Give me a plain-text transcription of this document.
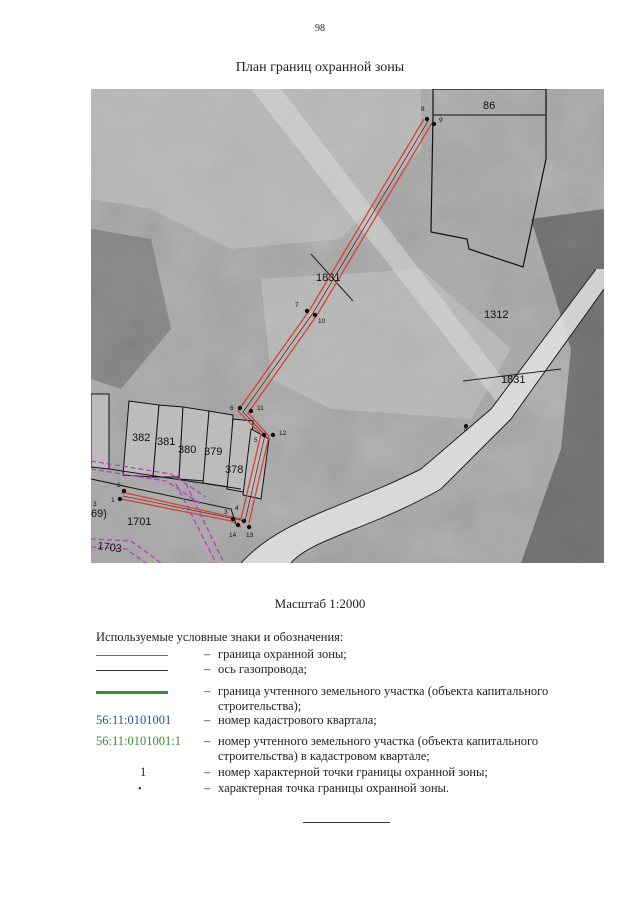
98
План границ охранной зоны
86
1831
1312
1831
382 381
380 379
378
1701
69)
1703
8
9
7
10
6	11
5
12
2
1
3
4
14 13
3
8
Масштаб 1:2000
Используемые условные знаки и обозначения:
– граница охранной зоны;
– ось газопровода;
– граница учтенного земельного участка (объекта капитального строительства);
56:11:0101001	– номер кадастрового квартала;
56:11:0101001:1	– номер учтенного земельного участка (объекта капитального строительства) в кадастровом квартале;
1	– номер характерной точки границы охранной зоны;
•	– характерная точка границы охранной зоны.
